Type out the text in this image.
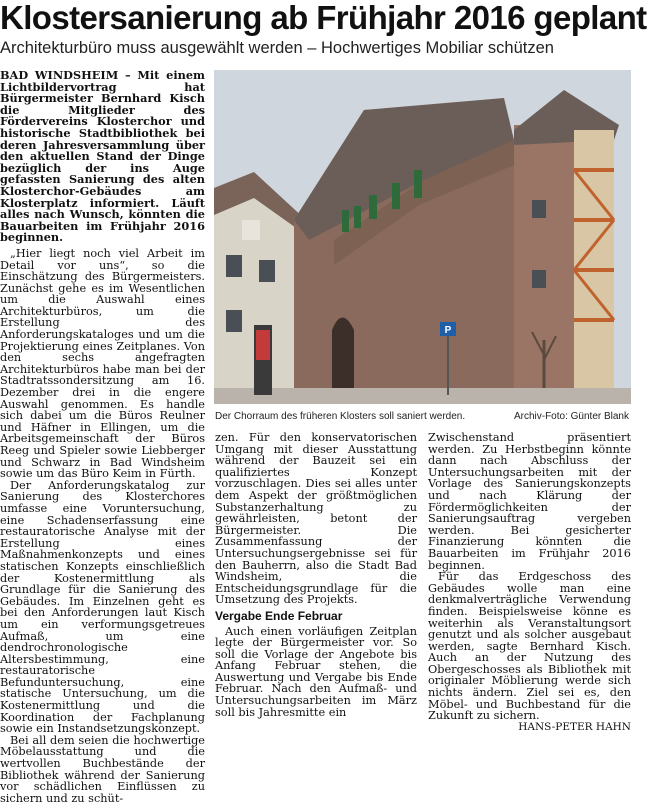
Klostersanierung ab Frühjahr 2016 geplant
Architekturbüro muss ausgewählt werden – Hochwertiges Mobiliar schützen

BAD WINDSHEIM – Mit einem Lichtbildervortrag hat Bürgermeister Bernhard Kisch die Mitglieder des Fördervereins Klosterchor und historische Stadtbibliothek bei deren Jahresversammlung über den aktuellen Stand der Dinge bezüglich der ins Auge gefassten Sanierung des alten Klosterchor-Gebäudes am Klosterplatz informiert. Läuft alles nach Wunsch, könnten die Bauarbeiten im Frühjahr 2016 beginnen.

„Hier liegt noch viel Arbeit im Detail vor uns“, so die Einschätzung des Bürgermeisters. Zunächst gehe es im Wesentlichen um die Auswahl eines Architekturbüros, um die Erstellung des Anforderungskataloges und um die Projektierung eines Zeitplanes. Von den sechs angefragten Architekturbüros habe man bei der Stadtratssondersitzung am 16. Dezember drei in die engere Auswahl genommen. Es handle sich dabei um die Büros Reulner und Häfner in Ellingen, um die Arbeitsgemeinschaft der Büros Reeg und Spieler sowie Liebberger und Schwarz in Bad Windsheim sowie um das Büro Keim in Fürth.

Der Anforderungskatalog zur Sanierung des Klosterchores umfasse eine Voruntersuchung, eine Schadenserfassung eine restauratorische Analyse mit der Erstellung eines Maßnahmenkonzepts und eines statischen Konzepts einschließlich der Kostenermittlung als Grundlage für die Sanierung des Gebäudes. Im Einzelnen geht es bei den Anforderungen laut Kisch um ein verformungsgetreues Aufmaß, um eine dendrochronologische Altersbestimmung, eine restauratorische Befunduntersuchung, eine statische Untersuchung, um die Kostenermittlung und die Koordination der Fachplanung sowie ein Instandsetzungskonzept.

Bei all dem seien die hochwertige Möbelausstattung und die wertvollen Buchbestände der Bibliothek während der Sanierung vor schädlichen Einflüssen zu sichern und zu schüt-

P
Der Chorraum des früheren Klosters soll saniert werden.	Archiv-Foto: Günter Blank

zen. Für den konservatorischen Umgang mit dieser Ausstattung während der Bauzeit sei ein qualifiziertes Konzept vorzuschlagen. Dies sei alles unter dem Aspekt der größtmöglichen Substanzerhaltung zu gewährleisten, betont der Bürgermeister. Die Zusammenfassung der Untersuchungsergebnisse sei für den Bauherrn, also die Stadt Bad Windsheim, die Entscheidungsgrundlage für die Umsetzung des Projekts.

Vergabe Ende Februar

Auch einen vorläufigen Zeitplan legte der Bürgermeister vor. So soll die Vorlage der Angebote bis Anfang Februar stehen, die Auswertung und Vergabe bis Ende Februar. Nach den Aufmaß- und Untersuchungsarbeiten im März soll bis Jahresmitte ein

Zwischenstand präsentiert werden. Zu Herbstbeginn könnte dann nach Abschluss der Untersuchungsarbeiten mit der Vorlage des Sanierungskonzepts und nach Klärung der Fördermöglichkeiten der Sanierungsauftrag vergeben werden. Bei gesicherter Finanzierung könnten die Bauarbeiten im Frühjahr 2016 beginnen.

Für das Erdgeschoss des Gebäudes wolle man eine denkmalverträgliche Verwendung finden. Beispielsweise könne es weiterhin als Veranstaltungsort genutzt und als solcher ausgebaut werden, sagte Bernhard Kisch. Auch an der Nutzung des Obergeschosses als Bibliothek mit originaler Möblierung werde sich nichts ändern. Ziel sei es, den Möbel- und Buchbestand für die Zukunft zu sichern.
HANS-PETER HAHN
